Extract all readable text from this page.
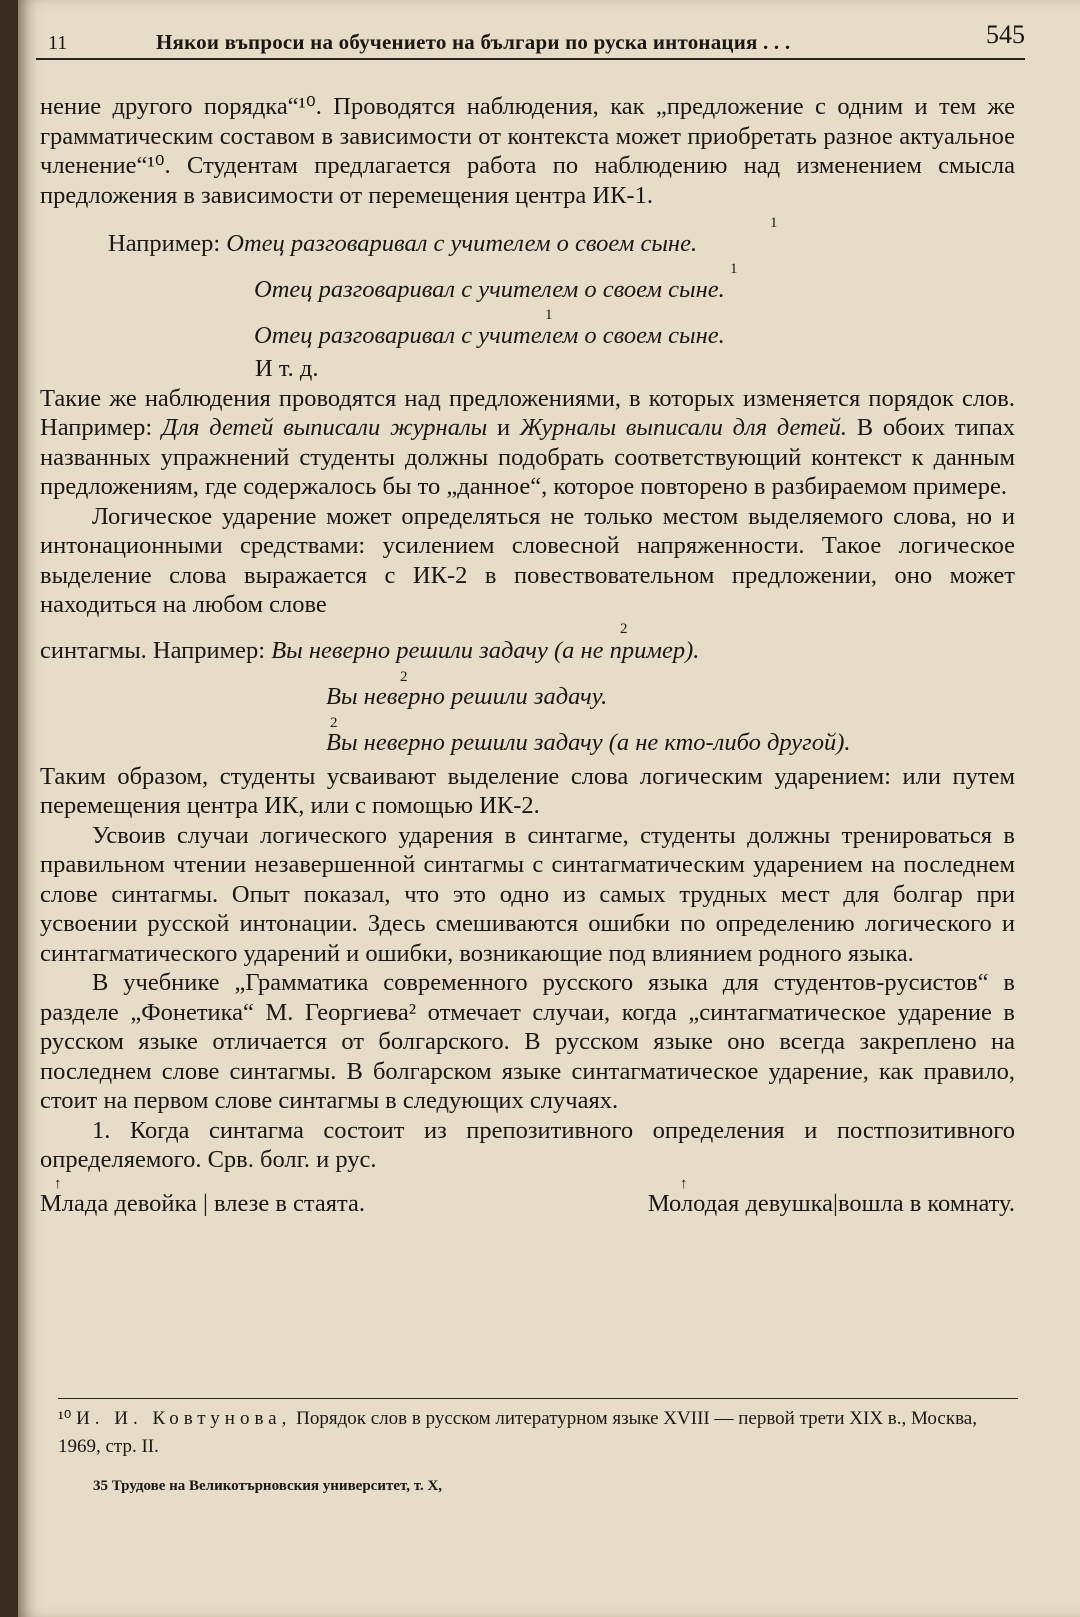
11	Някои въпроси на обучението на българи по руска интонация . . .	545

нение другого порядка“¹⁰. Проводятся наблюдения, как „предложение с одним и тем же грамматическим составом в зависимости от контекста может приобретать разное актуальное членение“¹⁰. Студентам предлагается работа по наблюдению над изменением смысла предложения в зависимости от перемещения центра ИК-1.

1
Например: Отец разговаривал с учителем о своем сыне.
1
Отец разговаривал с учителем о своем сыне.
1
Отец разговаривал с учителем о своем сыне.

И т. д.

Такие же наблюдения проводятся над предложениями, в которых изменяется порядок слов. Например: Для детей выписали журналы и Журналы выписали для детей. В обоих типах названных упражнений студенты должны подобрать соответствующий контекст к данным предложениям, где содержалось бы то „данное“, которое повторено в разбираемом примере.

Логическое ударение может определяться не только местом выделяемого слова, но и интонационными средствами: усилением словесной напряженности. Такое логическое выделение слова выражается с ИК-2 в повествовательном предложении, оно может находиться на любом слове

2
синтагмы. Например: Вы неверно решили задачу (а не пример).
2
Вы неверно решили задачу.
2
Вы неверно решили задачу (а не кто-либо другой).

Таким образом, студенты усваивают выделение слова логическим ударением: или путем перемещения центра ИК, или с помощью ИК-2.

Усвоив случаи логического ударения в синтагме, студенты должны тренироваться в правильном чтении незавершенной синтагмы с синтагматическим ударением на последнем слове синтагмы. Опыт показал, что это одно из самых трудных мест для болгар при усвоении русской интонации. Здесь смешиваются ошибки по определению логического и синтагматического ударений и ошибки, возникающие под влиянием родного языка.

В учебнике „Грамматика современного русского языка для студентов-русистов“ в разделе „Фонетика“ М. Георгиева² отмечает случаи, когда „синтагматическое ударение в русском языке отличается от болгарского. В русском языке оно всегда закреплено на последнем слове синтагмы. В болгарском языке синтагматическое ударение, как правило, стоит на первом слове синтагмы в следующих случаях.

1. Когда синтагма состоит из препозитивного определения и постпозитивного определяемого. Срв. болг. и рус.

↑	↑
Млада девойка | влезе в стаята.	Молодая девушка|вошла в комнату.
¹⁰ И. И. Ковтунова, Порядок слов в русском литературном языке XVIII — первой трети XIX в., Москва, 1969, стр. II.
35 Трудове на Великотърновския университет, т. Х,
